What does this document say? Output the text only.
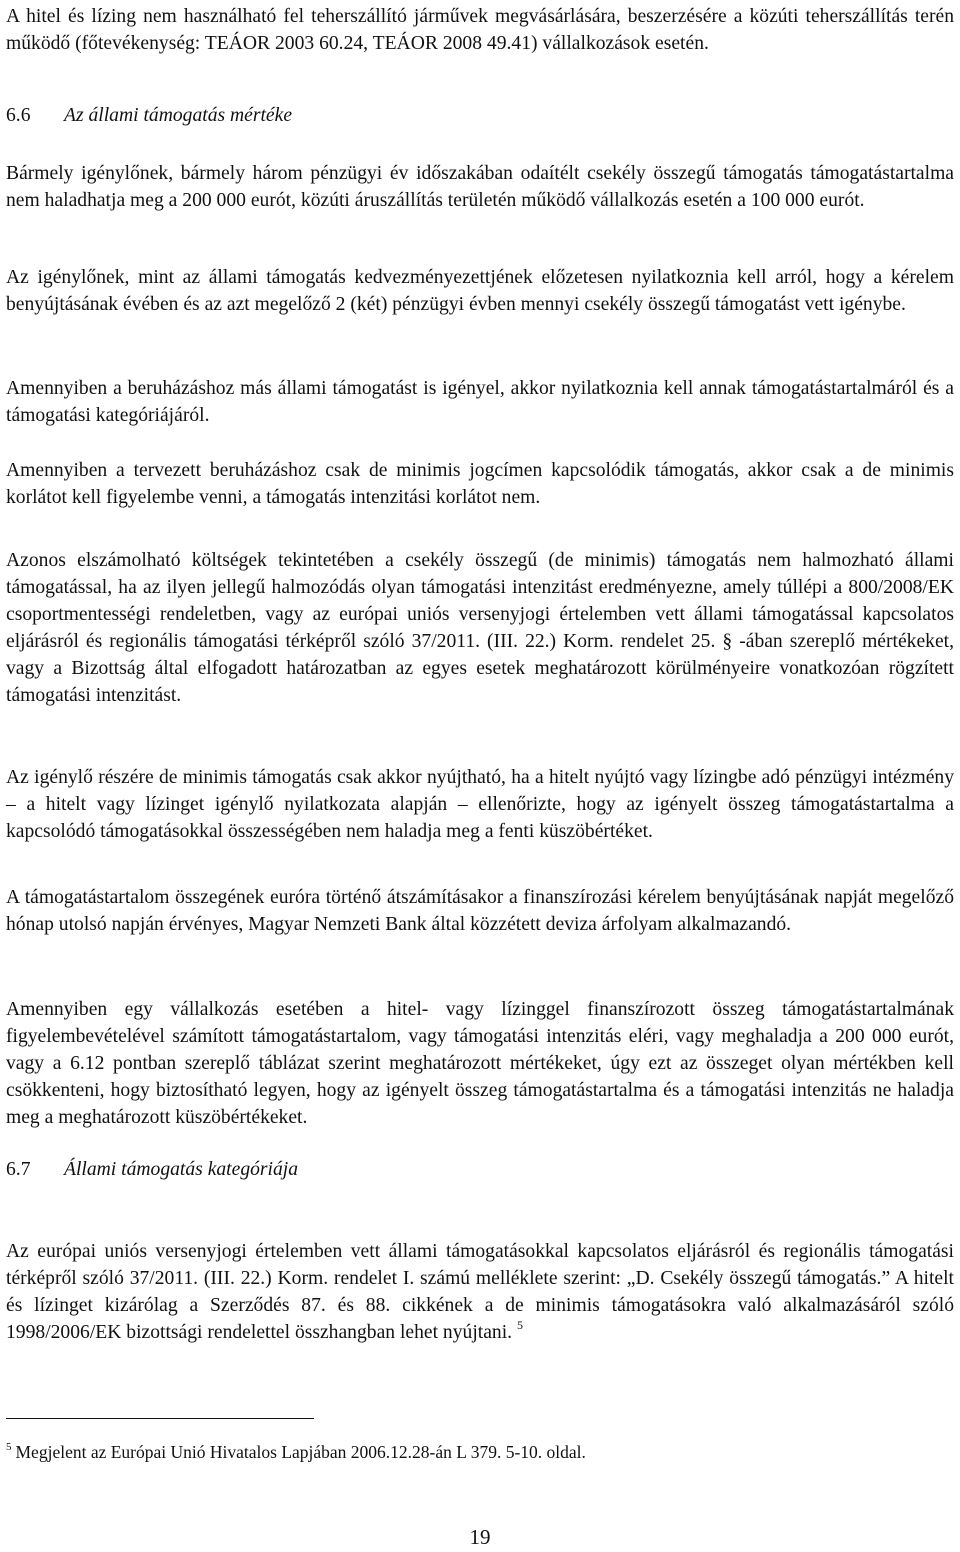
A hitel és lízing nem használható fel teherszállító járművek megvásárlására, beszerzésére a közúti teherszállítás terén működő (főtevékenység: TEÁOR 2003 60.24, TEÁOR 2008 49.41) vállalkozások esetén.

6.6 Az állami támogatás mértéke

Bármely igénylőnek, bármely három pénzügyi év időszakában odaítélt csekély összegű támogatás támogatástartalma nem haladhatja meg a 200 000 eurót, közúti áruszállítás területén működő vállalkozás esetén a 100 000 eurót.

Az igénylőnek, mint az állami támogatás kedvezményezettjének előzetesen nyilatkoznia kell arról, hogy a kérelem benyújtásának évében és az azt megelőző 2 (két) pénzügyi évben mennyi csekély összegű támogatást vett igénybe.

Amennyiben a beruházáshoz más állami támogatást is igényel, akkor nyilatkoznia kell annak támogatástartalmáról és a támogatási kategóriájáról.

Amennyiben a tervezett beruházáshoz csak de minimis jogcímen kapcsolódik támogatás, akkor csak a de minimis korlátot kell figyelembe venni, a támogatás intenzitási korlátot nem.

Azonos elszámolható költségek tekintetében a csekély összegű (de minimis) támogatás nem halmozható állami támogatással, ha az ilyen jellegű halmozódás olyan támogatási intenzitást eredményezne, amely túllépi a 800/2008/EK csoportmentességi rendeletben, vagy az európai uniós versenyjogi értelemben vett állami támogatással kapcsolatos eljárásról és regionális támogatási térképről szóló 37/2011. (III. 22.) Korm. rendelet 25. § -ában szereplő mértékeket, vagy a Bizottság által elfogadott határozatban az egyes esetek meghatározott körülményeire vonatkozóan rögzített támogatási intenzitást.

Az igénylő részére de minimis támogatás csak akkor nyújtható, ha a hitelt nyújtó vagy lízingbe adó pénzügyi intézmény – a hitelt vagy lízinget igénylő nyilatkozata alapján – ellenőrizte, hogy az igényelt összeg támogatástartalma a kapcsolódó támogatásokkal összességében nem haladja meg a fenti küszöbértéket.

A támogatástartalom összegének euróra történő átszámításakor a finanszírozási kérelem benyújtásának napját megelőző hónap utolsó napján érvényes, Magyar Nemzeti Bank által közzétett deviza árfolyam alkalmazandó.

Amennyiben egy vállalkozás esetében a hitel- vagy lízinggel finanszírozott összeg támogatástartalmának figyelembevételével számított támogatástartalom, vagy támogatási intenzitás eléri, vagy meghaladja a 200 000 eurót, vagy a 6.12 pontban szereplő táblázat szerint meghatározott mértékeket, úgy ezt az összeget olyan mértékben kell csökkenteni, hogy biztosítható legyen, hogy az igényelt összeg támogatástartalma és a támogatási intenzitás ne haladja meg a meghatározott küszöbértékeket.

6.7 Állami támogatás kategóriája

Az európai uniós versenyjogi értelemben vett állami támogatásokkal kapcsolatos eljárásról és regionális támogatási térképről szóló 37/2011. (III. 22.) Korm. rendelet I. számú melléklete szerint: „D. Csekély összegű támogatás.” A hitelt és lízinget kizárólag a Szerződés 87. és 88. cikkének a de minimis támogatásokra való alkalmazásáról szóló 1998/2006/EK bizottsági rendelettel összhangban lehet nyújtani. $^5$

$^5$ Megjelent az Európai Unió Hivatalos Lapjában 2006.12.28-án L 379. 5-10. oldal.

19
